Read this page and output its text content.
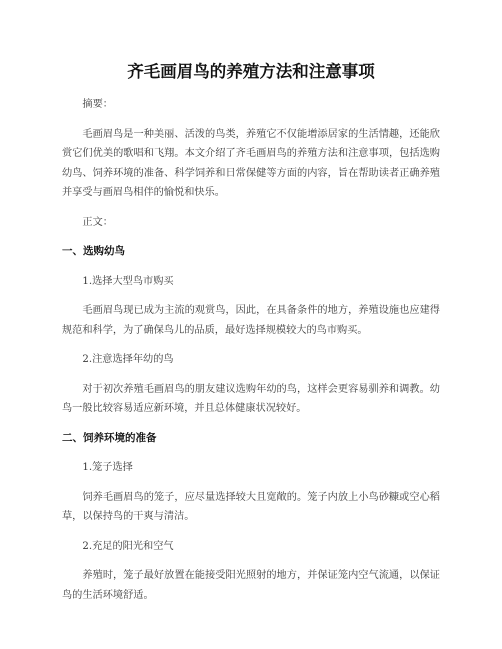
齐毛画眉鸟的养殖方法和注意事项

摘要：

毛画眉鸟是一种美丽、活泼的鸟类，养殖它不仅能增添居家的生活情趣，还能欣赏它们优美的歌唱和飞翔。本文介绍了齐毛画眉鸟的养殖方法和注意事项，包括选购幼鸟、饲养环境的准备、科学饲养和日常保健等方面的内容，旨在帮助读者正确养殖并享受与画眉鸟相伴的愉悦和快乐。

正文：

一、选购幼鸟

1.选择大型鸟市购买

毛画眉鸟现已成为主流的观赏鸟，因此，在具备条件的地方，养殖设施也应建得规范和科学，为了确保鸟儿的品质，最好选择规模较大的鸟市购买。

2.注意选择年幼的鸟

对于初次养殖毛画眉鸟的朋友建议选购年幼的鸟，这样会更容易驯养和调教。幼鸟一般比较容易适应新环境，并且总体健康状况较好。

二、饲养环境的准备

1.笼子选择

饲养毛画眉鸟的笼子，应尽量选择较大且宽敞的。笼子内放上小鸟砂糠或空心稻草，以保持鸟的干爽与清洁。

2.充足的阳光和空气

养殖时，笼子最好放置在能接受阳光照射的地方，并保证笼内空气流通，以保证鸟的生活环境舒适。
